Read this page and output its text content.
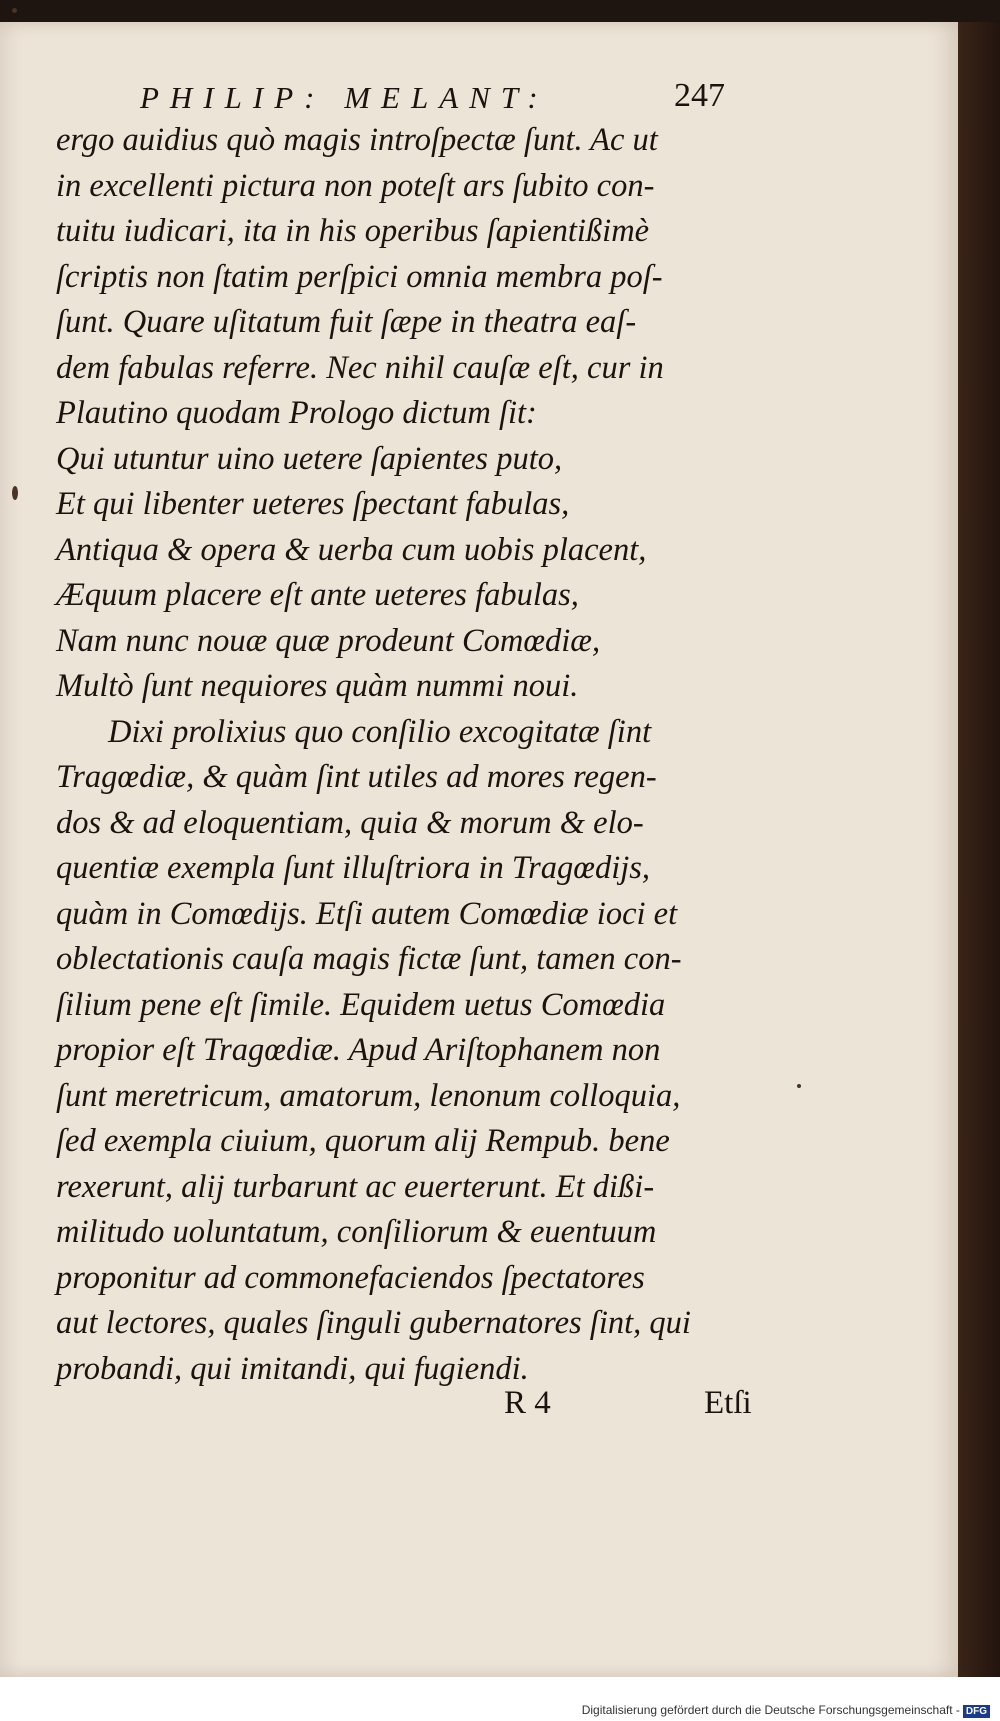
PHILIP: MELANT:	247
ergo auidius quò magis introſpectæ ſunt. Ac ut
in excellenti pictura non poteſt ars ſubito con-
tuitu iudicari, ita in his operibus ſapientißimè
ſcriptis non ſtatim perſpici omnia membra poſ-
ſunt. Quare uſitatum fuit ſæpe in theatra eaſ-
dem fabulas referre. Nec nihil cauſæ eſt, cur in
Plautino quodam Prologo dictum ſit:
Qui utuntur uino uetere ſapientes puto,
Et qui libenter ueteres ſpectant fabulas,
Antiqua & opera & uerba cum uobis placent,
Æquum placere eſt ante ueteres fabulas,
Nam nunc nouæ quæ prodeunt Comœdiæ,
Multò ſunt nequiores quàm nummi noui.
Dixi prolixius quo conſilio excogitatæ ſint
Tragœdiæ, & quàm ſint utiles ad mores regen-
dos & ad eloquentiam, quia & morum & elo-
quentiæ exempla ſunt illuſtriora in Tragœdijs,
quàm in Comœdijs. Etſi autem Comœdiæ ioci et
oblectationis cauſa magis fictæ ſunt, tamen con-
ſilium pene eſt ſimile. Equidem uetus Comœdia
propior eſt Tragœdiæ. Apud Ariſtophanem non
ſunt meretricum, amatorum, lenonum colloquia,
ſed exempla ciuium, quorum alij Rempub. bene
rexerunt, alij turbarunt ac euerterunt. Et dißi-
militudo uoluntatum, conſiliorum & euentuum
proponitur ad commonefaciendos ſpectatores
aut lectores, quales ſinguli gubernatores ſint, qui
probandi, qui imitandi, qui fugiendi.
R 4	Etſi
Digitalisierung gefördert durch die Deutsche Forschungsgemeinschaft - DFG
